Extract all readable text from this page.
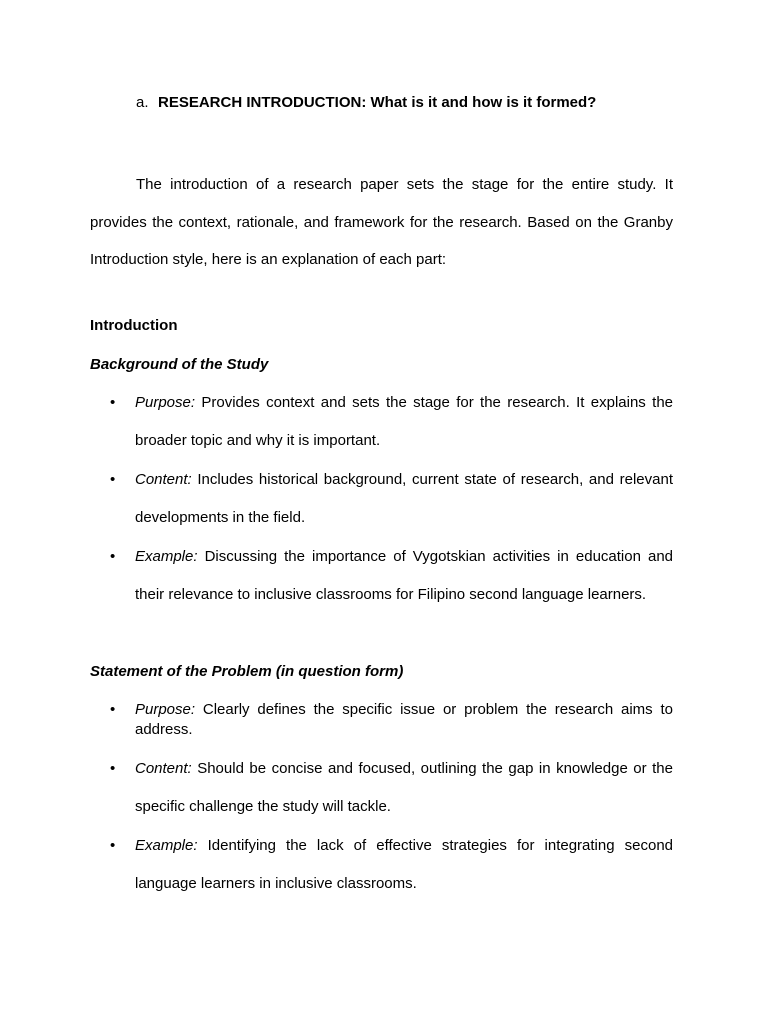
a. RESEARCH INTRODUCTION: What is it and how is it formed?

The introduction of a research paper sets the stage for the entire study. It provides the context, rationale, and framework for the research. Based on the Granby Introduction style, here is an explanation of each part:

Introduction

Background of the Study

•	Purpose: Provides context and sets the stage for the research. It explains the broader topic and why it is important.

•	Content: Includes historical background, current state of research, and relevant developments in the field.

•	Example: Discussing the importance of Vygotskian activities in education and their relevance to inclusive classrooms for Filipino second language learners.

Statement of the Problem (in question form)

•	Purpose: Clearly defines the specific issue or problem the research aims to address.

•	Content: Should be concise and focused, outlining the gap in knowledge or the specific challenge the study will tackle.

•	Example: Identifying the lack of effective strategies for integrating second language learners in inclusive classrooms.
